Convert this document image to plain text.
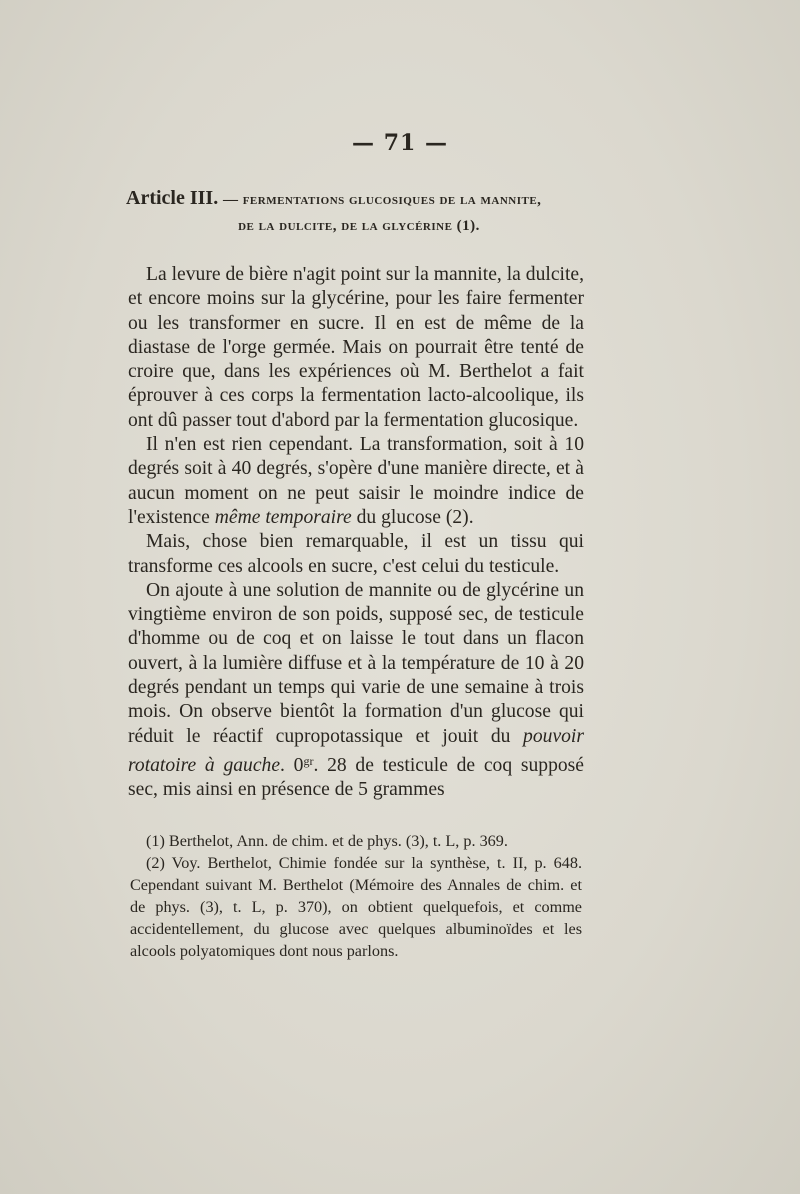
— 71 —
Article III. — fermentations glucosiques de la mannite,
de la dulcite, de la glycérine (1).

La levure de bière n'agit point sur la mannite, la dulcite, et encore moins sur la glycérine, pour les faire fermenter ou les transformer en sucre. Il en est de même de la diastase de l'orge germée. Mais on pourrait être tenté de croire que, dans les expériences où M. Berthelot a fait éprouver à ces corps la fermentation lacto-alcoolique, ils ont dû passer tout d'abord par la fermentation glucosique.

Il n'en est rien cependant. La transformation, soit à 10 degrés soit à 40 degrés, s'opère d'une manière directe, et à aucun moment on ne peut saisir le moindre indice de l'existence même temporaire du glucose (2).

Mais, chose bien remarquable, il est un tissu qui transforme ces alcools en sucre, c'est celui du testicule.

On ajoute à une solution de mannite ou de glycérine un vingtième environ de son poids, supposé sec, de testicule d'homme ou de coq et on laisse le tout dans un flacon ouvert, à la lumière diffuse et à la température de 10 à 20 degrés pendant un temps qui varie de une semaine à trois mois. On observe bientôt la formation d'un glucose qui réduit le réactif cupropotassique et jouit du pouvoir rotatoire à gauche. $0^{gr}$. 28 de testicule de coq supposé sec, mis ainsi en présence de 5 grammes

(1) Berthelot, Ann. de chim. et de phys. (3), t. L, p. 369.

(2) Voy. Berthelot, Chimie fondée sur la synthèse, t. II, p. 648. Cependant suivant M. Berthelot (Mémoire des Annales de chim. et de phys. (3), t. L, p. 370), on obtient quelquefois, et comme accidentellement, du glucose avec quelques albuminoïdes et les alcools polyatomiques dont nous parlons.
